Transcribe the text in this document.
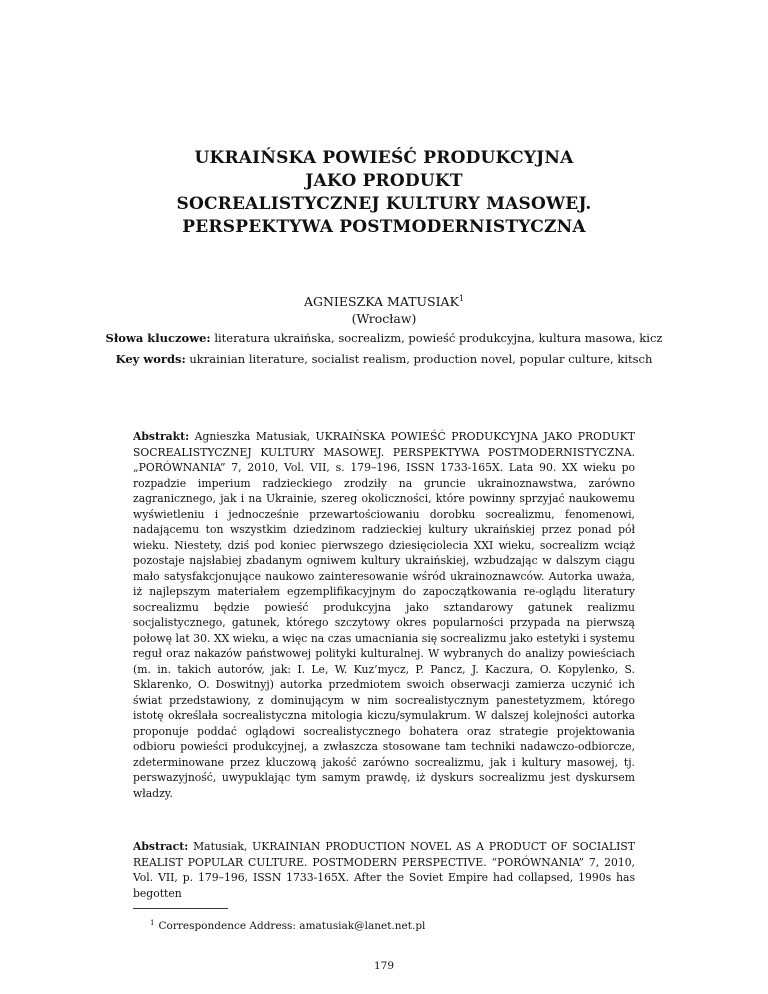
UKRAIŃSKA POWIEŚĆ PRODUKCYJNA
JAKO PRODUKT
SOCREALISTYCZNEJ KULTURY MASOWEJ.
PERSPEKTYWA POSTMODERNISTYCZNA
AGNIESZKA MATUSIAK$^1$
(Wrocław)
Słowa kluczowe: literatura ukraińska, socrealizm, powieść produkcyjna, kultura masowa, kicz
Key words: ukrainian literature, socialist realism, production novel, popular culture, kitsch

Abstrakt: Agnieszka Matusiak, UKRAIŃSKA POWIEŚĆ PRODUKCYJNA JAKO PRODUKT SOCREALISTYCZNEJ KULTURY MASOWEJ. PERSPEKTYWA POSTMODERNISTYCZNA. „PORÓWNANIA” 7, 2010, Vol. VII, s. 179–196, ISSN 1733-165X. Lata 90. XX wieku po rozpadzie imperium radzieckiego zrodziły na gruncie ukrainoznawstwa, zarówno zagranicznego, jak i na Ukrainie, szereg okoliczności, które powinny sprzyjać naukowemu wyświetleniu i jednocześnie przewartościowaniu dorobku socrealizmu, fenomenowi, nadającemu ton wszystkim dziedzinom radzieckiej kultury ukraińskiej przez ponad pół wieku. Niestety, dziś pod koniec pierwszego dziesięciolecia XXI wieku, socrealizm wciąż pozostaje najsłabiej zbadanym ogniwem kultury ukraińskiej, wzbudzając w dalszym ciągu mało satysfakcjonujące naukowo zainteresowanie wśród ukrainoznawców. Autorka uważa, iż najlepszym materiałem egzemplifikacyjnym do zapoczątkowania re-oglądu literatury socrealizmu będzie powieść produkcyjna jako sztandarowy gatunek realizmu socjalistycznego, gatunek, którego szczytowy okres popularności przypada na pierwszą połowę lat 30. XX wieku, a więc na czas umacniania się socrealizmu jako estetyki i systemu reguł oraz nakazów państwowej polityki kulturalnej. W wybranych do analizy powieściach (m. in. takich autorów, jak: I. Le, W. Kuz’mycz, P. Pancz, J. Kaczura, O. Kopylenko, S. Sklarenko, O. Doswitnyj) autorka przedmiotem swoich obserwacji zamierza uczynić ich świat przedstawiony, z dominującym w nim socrealistycznym panestetyzmem, którego istotę określała socrealistyczna mitologia kiczu/symulakrum. W dalszej kolejności autorka proponuje poddać oglądowi socrealistycznego bohatera oraz strategie projektowania odbioru powieści produkcyjnej, a zwłaszcza stosowane tam techniki nadawczo-odbiorcze, zdeterminowane przez kluczową jakość zarówno socrealizmu, jak i kultury masowej, tj. perswazyjność, uwypuklając tym samym prawdę, iż dyskurs socrealizmu jest dyskursem władzy.

Abstract: Matusiak, UKRAINIAN PRODUCTION NOVEL AS A PRODUCT OF SOCIALIST REALIST POPULAR CULTURE. POSTMODERN PERSPECTIVE. “PORÓWNANIA” 7, 2010, Vol. VII, p. 179–196, ISSN 1733-165X. After the Soviet Empire had collapsed, 1990s has begotten

$^1$ Correspondence Address: amatusiak@lanet.net.pl
179
